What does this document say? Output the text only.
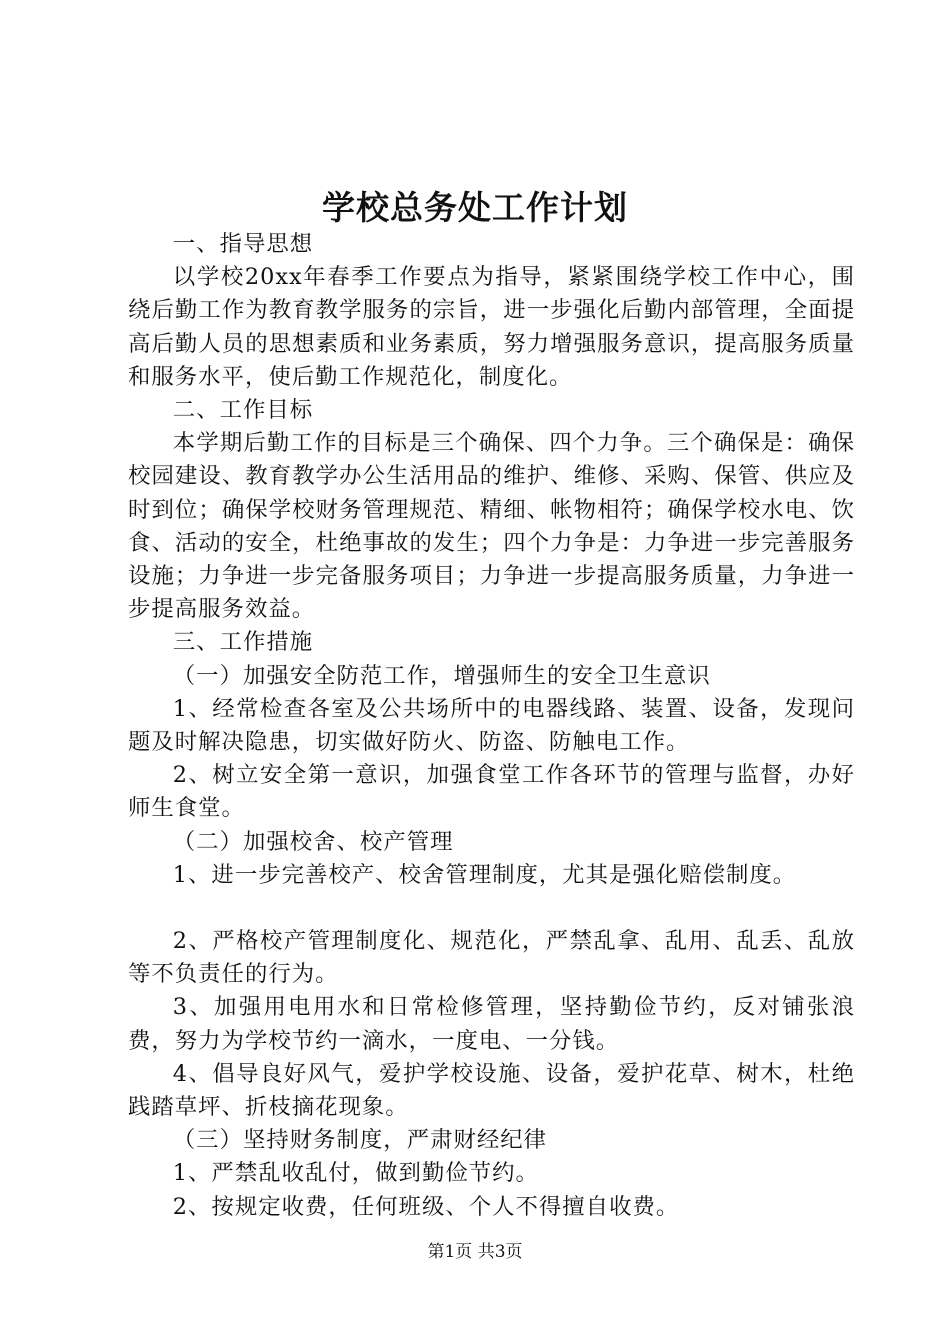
学校总务处工作计划

一、指导思想

以学校20xx年春季工作要点为指导，紧紧围绕学校工作中心，围绕后勤工作为教育教学服务的宗旨，进一步强化后勤内部管理，全面提高后勤人员的思想素质和业务素质，努力增强服务意识，提高服务质量和服务水平，使后勤工作规范化，制度化。

二、工作目标

本学期后勤工作的目标是三个确保、四个力争。三个确保是：确保校园建设、教育教学办公生活用品的维护、维修、采购、保管、供应及时到位；确保学校财务管理规范、精细、帐物相符；确保学校水电、饮食、活动的安全，杜绝事故的发生；四个力争是：力争进一步完善服务设施；力争进一步完备服务项目；力争进一步提高服务质量，力争进一步提高服务效益。

三、工作措施

（一）加强安全防范工作，增强师生的安全卫生意识

1、经常检查各室及公共场所中的电器线路、装置、设备，发现问题及时解决隐患，切实做好防火、防盗、防触电工作。

2、树立安全第一意识，加强食堂工作各环节的管理与监督，办好师生食堂。

（二）加强校舍、校产管理

1、进一步完善校产、校舍管理制度，尤其是强化赔偿制度。

2、严格校产管理制度化、规范化，严禁乱拿、乱用、乱丢、乱放等不负责任的行为。

3、加强用电用水和日常检修管理，坚持勤俭节约，反对铺张浪费，努力为学校节约一滴水，一度电、一分钱。

4、倡导良好风气，爱护学校设施、设备，爱护花草、树木，杜绝践踏草坪、折枝摘花现象。

（三）坚持财务制度，严肃财经纪律

1、严禁乱收乱付，做到勤俭节约。

2、按规定收费，任何班级、个人不得擅自收费。

第1页 共3页
